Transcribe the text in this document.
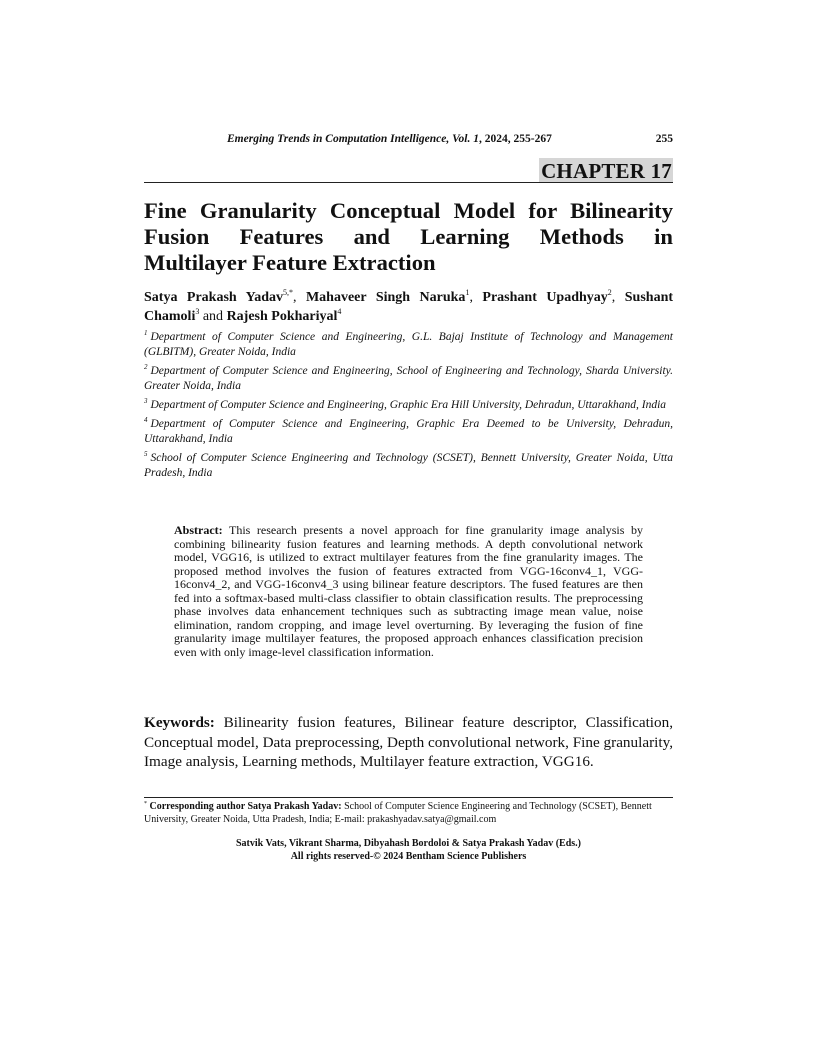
Emerging Trends in Computation Intelligence, Vol. 1, 2024, 255-267	255
CHAPTER 17
Fine Granularity Conceptual Model for Bilinearity
Fusion Features and Learning Methods in
Multilayer Feature Extraction
Satya Prakash Yadav$^{5,*}$, Mahaveer Singh Naruka$^1$, Prashant Upadhyay$^2$, Sushant Chamoli$^3$ and Rajesh Pokhariyal$^4$

$^1$ Department of Computer Science and Engineering, G.L. Bajaj Institute of Technology and Management (GLBITM), Greater Noida, India

$^2$ Department of Computer Science and Engineering, School of Engineering and Technology, Sharda University. Greater Noida, India

$^3$ Department of Computer Science and Engineering, Graphic Era Hill University, Dehradun, Uttarakhand, India

$^4$ Department of Computer Science and Engineering, Graphic Era Deemed to be University, Dehradun, Uttarakhand, India

$^5$ School of Computer Science Engineering and Technology (SCSET), Bennett University, Greater Noida, Utta Pradesh, India

Abstract: This research presents a novel approach for fine granularity image analysis by combining bilinearity fusion features and learning methods. A depth convolutional network model, VGG16, is utilized to extract multilayer features from the fine granularity images. The proposed method involves the fusion of features extracted from VGG-16conv4_1, VGG-16conv4_2, and VGG-16conv4_3 using bilinear feature descriptors. The fused features are then fed into a softmax-based multi-class classifier to obtain classification results. The preprocessing phase involves data enhancement techniques such as subtracting image mean value, noise elimination, random cropping, and image level overturning. By leveraging the fusion of fine granularity image multilayer features, the proposed approach enhances classification precision even with only image-level classification information.
Keywords: Bilinearity fusion features, Bilinear feature descriptor, Classification, Conceptual model, Data preprocessing, Depth convolutional network, Fine granularity, Image analysis, Learning methods, Multilayer feature extraction, VGG16.
* Corresponding author Satya Prakash Yadav: School of Computer Science Engineering and Technology (SCSET), Bennett University, Greater Noida, Utta Pradesh, India; E-mail: prakashyadav.satya@gmail.com
Satvik Vats, Vikrant Sharma, Dibyahash Bordoloi & Satya Prakash Yadav (Eds.)
All rights reserved-© 2024 Bentham Science Publishers
